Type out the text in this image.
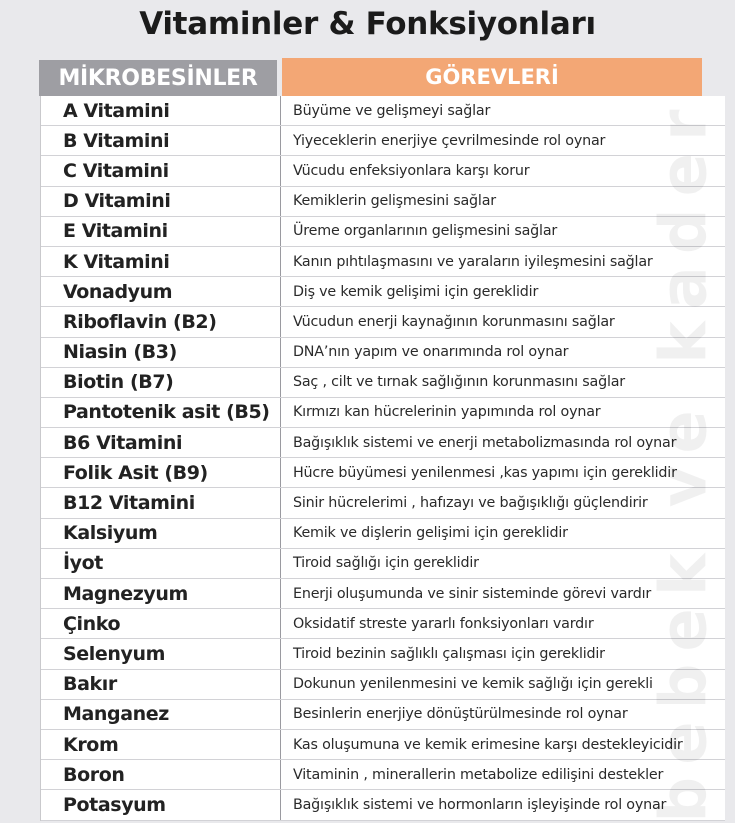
Vitaminler & Fonksiyonları
MİKROBESİNLER	GÖREVLERİ
A Vitamini	Büyüme ve gelişmeyi sağlar
B Vitamini	Yiyeceklerin enerjiye çevrilmesinde rol oynar
C Vitamini	Vücudu enfeksiyonlara karşı korur
D Vitamini	Kemiklerin gelişmesini sağlar
E Vitamini	Üreme organlarının gelişmesini sağlar
K Vitamini	Kanın pıhtılaşmasını ve yaraların iyileşmesini sağlar
Vonadyum	Diş ve kemik gelişimi için gereklidir
Riboflavin (B2)	Vücudun enerji kaynağının korunmasını sağlar
Niasin (B3)	DNA’nın yapım ve onarımında rol oynar
Biotin (B7)	Saç , cilt ve tırnak sağlığının korunmasını sağlar
Pantotenik asit (B5)	Kırmızı kan hücrelerinin yapımında rol oynar
B6 Vitamini	Bağışıklık sistemi ve enerji metabolizmasında rol oynar
Folik Asit (B9)	Hücre büyümesi yenilenmesi ,kas yapımı için gereklidir
B12 Vitamini	Sinir hücrelerimi , hafızayı ve bağışıklığı güçlendirir
Kalsiyum	Kemik ve dişlerin gelişimi için gereklidir
İyot	Tiroid sağlığı için gereklidir
Magnezyum	Enerji oluşumunda ve sinir sisteminde görevi vardır
Çinko	Oksidatif streste yararlı fonksiyonları vardır
Selenyum	Tiroid bezinin sağlıklı çalışması için gereklidir
Bakır	Dokunun yenilenmesini ve kemik sağlığı için gerekli
Manganez	Besinlerin enerjiye dönüştürülmesinde rol oynar
Krom	Kas oluşumuna ve kemik erimesine karşı destekleyicidir
Boron	Vitaminin , minerallerin metabolize edilişini destekler
Potasyum	Bağışıklık sistemi ve hormonların işleyişinde rol oynar
